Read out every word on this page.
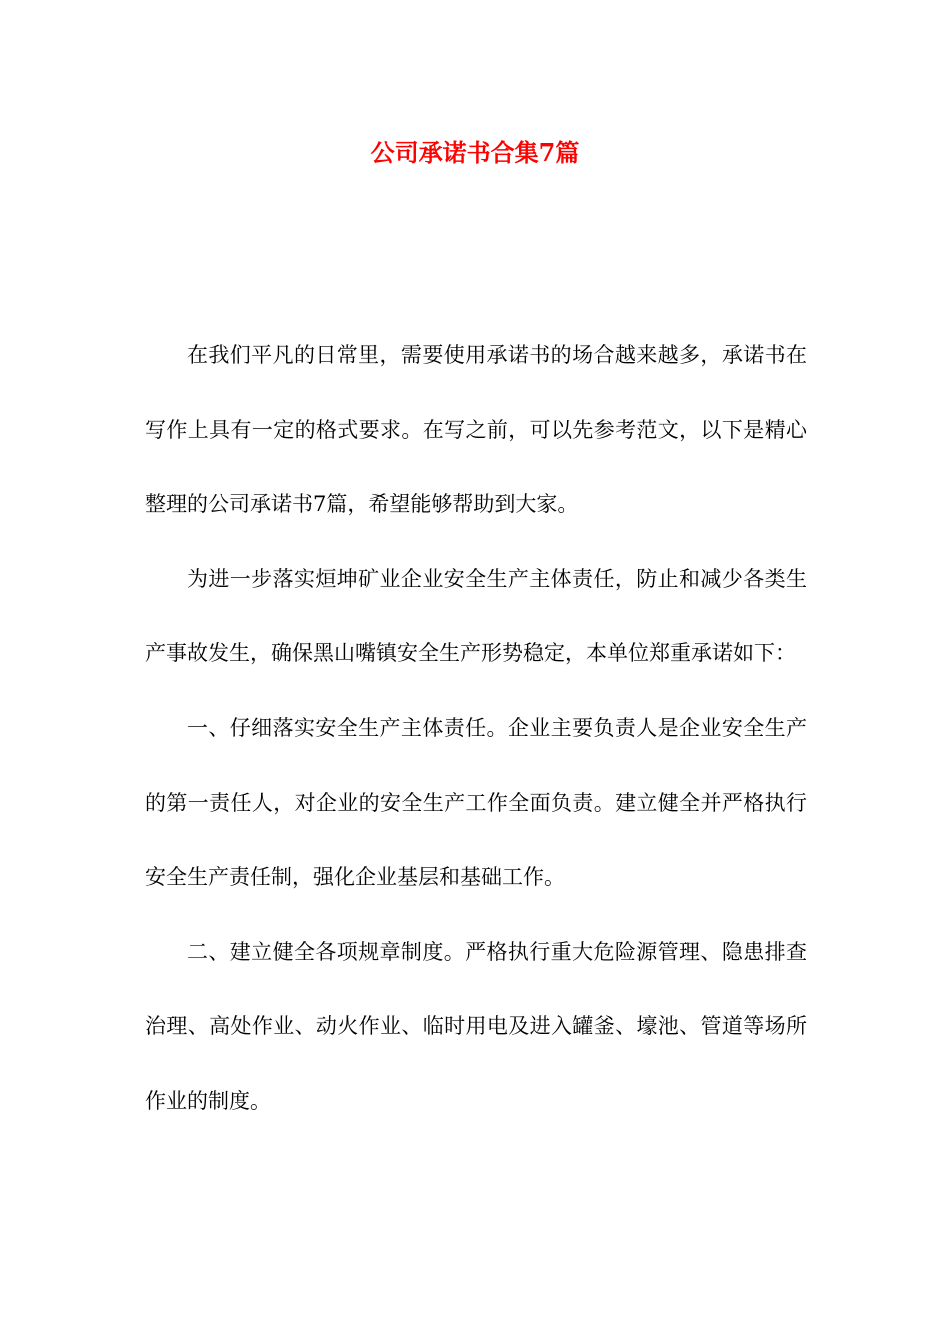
公司承诺书合集7篇

在我们平凡的日常里，需要使用承诺书的场合越来越多，承诺书在写作上具有一定的格式要求。在写之前，可以先参考范文，以下是精心整理的公司承诺书7篇，希望能够帮助到大家。

为进一步落实烜坤矿业企业安全生产主体责任，防止和减少各类生产事故发生，确保黑山嘴镇安全生产形势稳定，本单位郑重承诺如下：

一、仔细落实安全生产主体责任。企业主要负责人是企业安全生产的第一责任人，对企业的安全生产工作全面负责。建立健全并严格执行安全生产责任制，强化企业基层和基础工作。

二、建立健全各项规章制度。严格执行重大危险源管理、隐患排查治理、高处作业、动火作业、临时用电及进入罐釜、壕池、管道等场所作业的制度。
